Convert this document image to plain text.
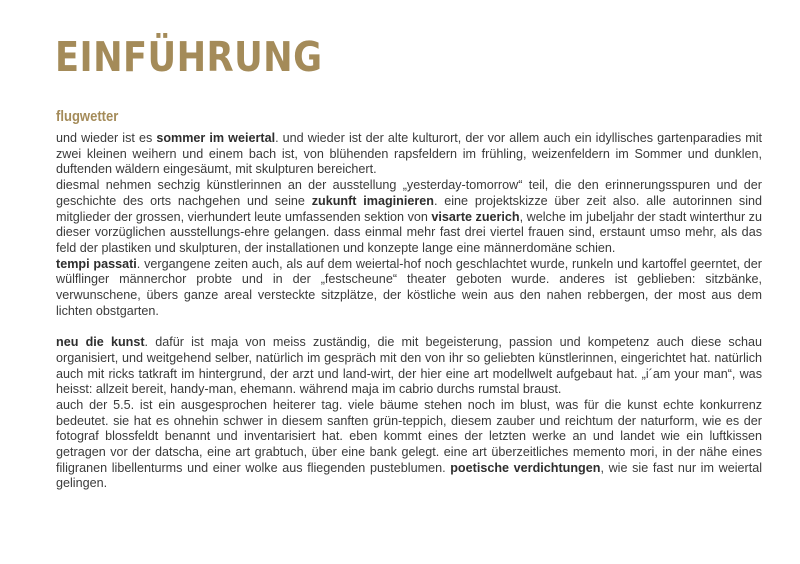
EINFÜHRUNG
flugwetter

und wieder ist es sommer im weiertal. und wieder ist der alte kulturort, der vor allem auch ein idyllisches gartenparadies mit zwei kleinen weihern und einem bach ist, von blühenden rapsfeldern im frühling, weizenfeldern im Sommer und dunklen, duftenden wäldern eingesäumt, mit skulpturen bereichert.

diesmal nehmen sechzig künstlerinnen an der ausstellung „yesterday-tomorrow“ teil, die den erinnerungsspuren und der geschichte des orts nachgehen und seine zukunft imaginieren. eine projektskizze über zeit also. alle autorinnen sind mitglieder der grossen, vierhundert leute umfassenden sektion von visarte zuerich, welche im jubeljahr der stadt winterthur zu dieser vorzüglichen ausstellungs-ehre gelangen. dass einmal mehr fast drei viertel frauen sind, erstaunt umso mehr, als das feld der plastiken und skulpturen, der installationen und konzepte lange eine männerdomäne schien.

tempi passati. vergangene zeiten auch, als auf dem weiertal-hof noch geschlachtet wurde, runkeln und kartoffel geerntet, der wülflinger männerchor probte und in der „festscheune“ theater geboten wurde. anderes ist geblieben: sitzbänke, verwunschene, übers ganze areal versteckte sitzplätze, der köstliche wein aus den nahen rebbergen, der most aus dem lichten obstgarten.

neu die kunst. dafür ist maja von meiss zuständig, die mit begeisterung, passion und kompetenz auch diese schau organisiert, und weitgehend selber, natürlich im gespräch mit den von ihr so geliebten künstlerinnen, eingerichtet hat. natürlich auch mit ricks tatkraft im hintergrund, der arzt und land-wirt, der hier eine art modellwelt aufgebaut hat. „i´am your man“, was heisst: allzeit bereit, handy-man, ehemann. während maja im cabrio durchs rumstal braust.

auch der 5.5. ist ein ausgesprochen heiterer tag. viele bäume stehen noch im blust, was für die kunst echte konkurrenz bedeutet. sie hat es ohnehin schwer in diesem sanften grün-teppich, diesem zauber und reichtum der naturform, wie es der fotograf blossfeldt benannt und inventarisiert hat. eben kommt eines der letzten werke an und landet wie ein luftkissen getragen vor der datscha, eine art grabtuch, über eine bank gelegt. eine art überzeitliches memento mori, in der nähe eines filigranen libellenturms und einer wolke aus fliegenden pusteblumen. poetische verdichtungen, wie sie fast nur im weiertal gelingen.
